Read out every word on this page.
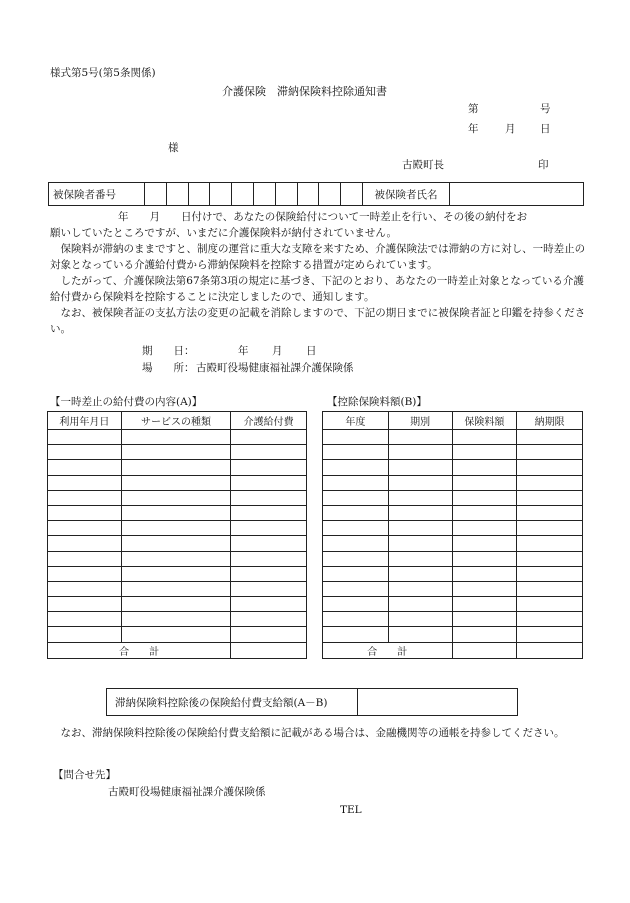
様式第5号(第5条関係)
介護保険　滞納保険料控除通知書
第	号
年	月 日
様
古殿町長	印
被保険者番号	被保険者氏名
年　　月　　日付けで、あなたの保険給付について一時差止を行い、その後の納付をお
願いしていたところですが、いまだに介護保険料が納付されていません。
　保険料が滞納のままですと、制度の運営に重大な支障を来すため、介護保険法では滞納の方に対し、一時差止の対象となっている介護給付費から滞納保険料を控除する措置が定められています。
　したがって、介護保険法第67条第3項の規定に基づき、下記のとおり、あなたの一時差止対象となっている介護給付費から保険料を控除することに決定しましたので、通知します。
　なお、被保険者証の支払方法の変更の記載を消除しますので、下記の期日までに被保険者証と印鑑を持参ください。
期　　日：	年 月 日
場　　所： 古殿町役場健康福祉課介護保険係
【一時差止の給付費の内容(A)】	【控除保険料額(B)】
利用年月日	サービスの種類	介護給付費

合　　計		
年度	期別	保険料額	納期限

合　　計			
滞納保険料控除後の保険給付費支給額(A－B)
　なお、滞納保険料控除後の保険給付費支給額に記載がある場合は、金融機関等の通帳を持参してください。
【問合せ先】
古殿町役場健康福祉課介護保険係
TEL
